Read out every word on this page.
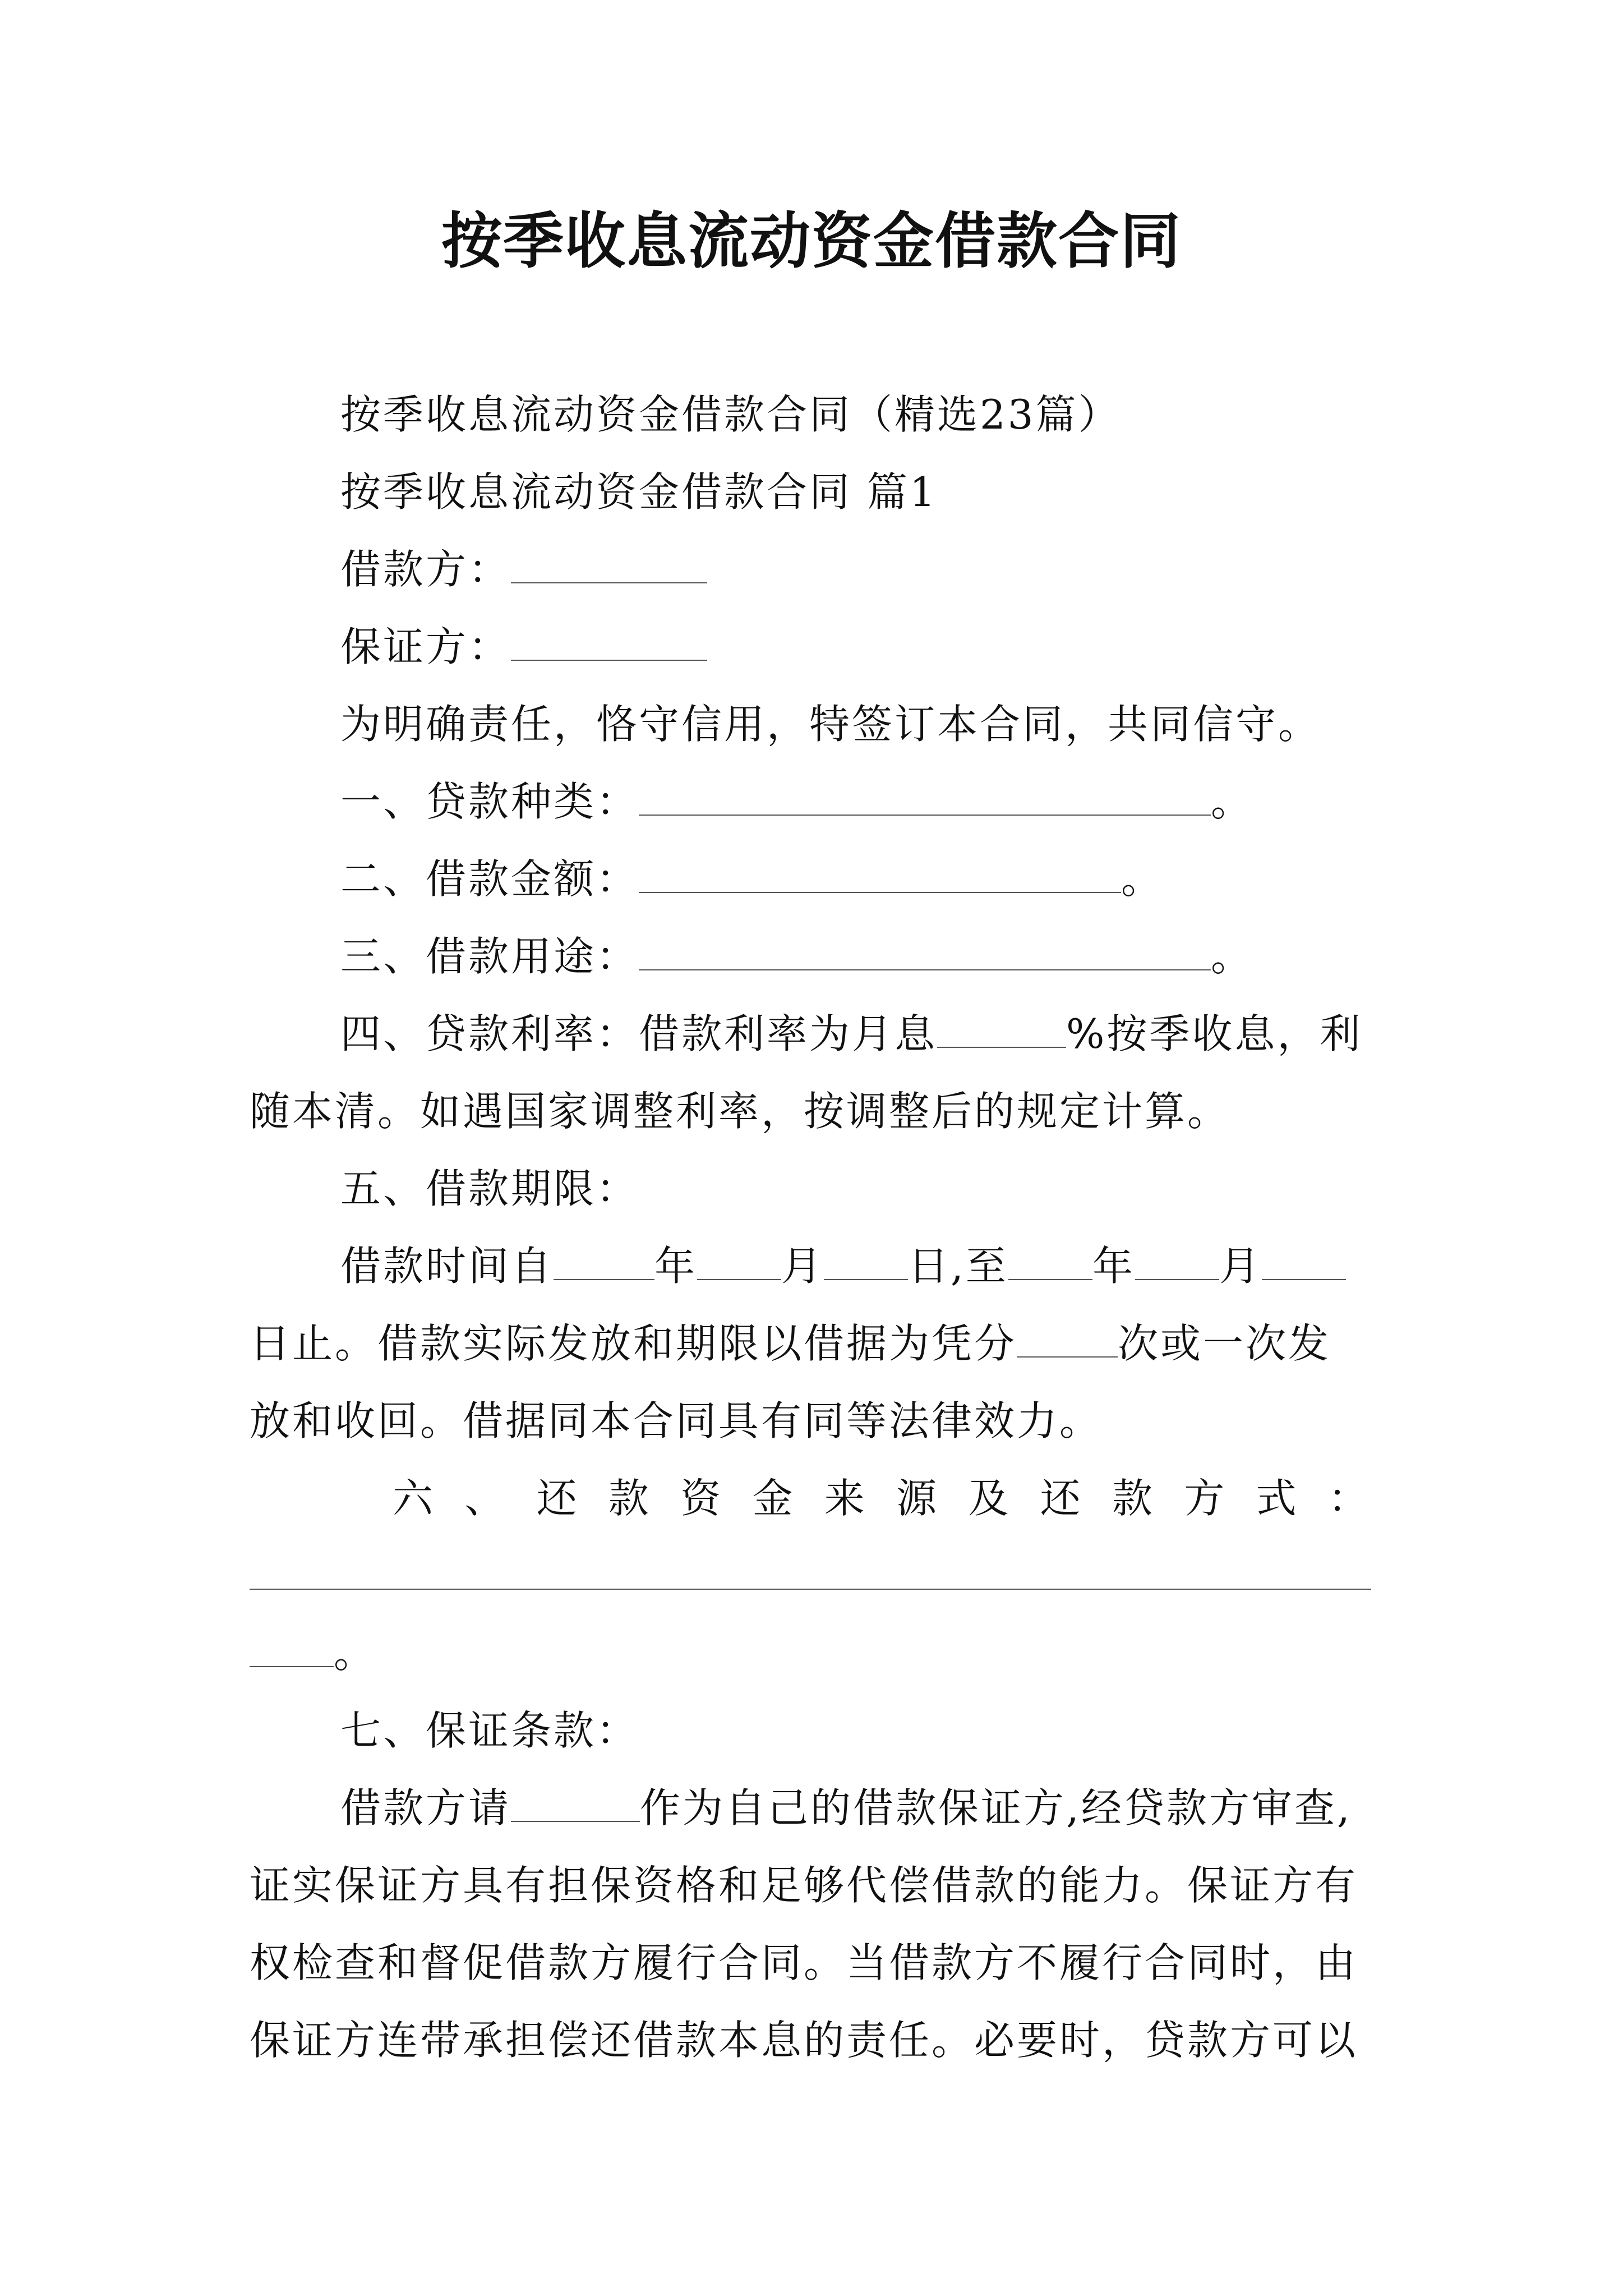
按季收息流动资金借款合同
按季收息流动资金借款合同（精选23篇）
按季收息流动资金借款合同 篇1
借款方：
保证方：
为明确责任，恪守信用，特签订本合同，共同信守。
一、贷款种类：	。
二、借款金额：	。
三、借款用途：	。
四、贷款利率：借款利率为月息	%按季收息，利
随本清。如遇国家调整利率，按调整后的规定计算。
五、借款期限：
借款时间自	年 月 日,至 年 月
日止。借款实际发放和期限以借据为凭分	次或一次发
放和收回。借据同本合同具有同等法律效力。
六 、 还 款 资 金 来 源 及 还 款 方 式 ：
。
七、保证条款：
借款方请	作为自己的借款保证方,经贷款方审查,
证实保证方具有担保资格和足够代偿借款的能力。保证方有
权检查和督促借款方履行合同。当借款方不履行合同时，由
保证方连带承担偿还借款本息的责任。必要时，贷款方可以
